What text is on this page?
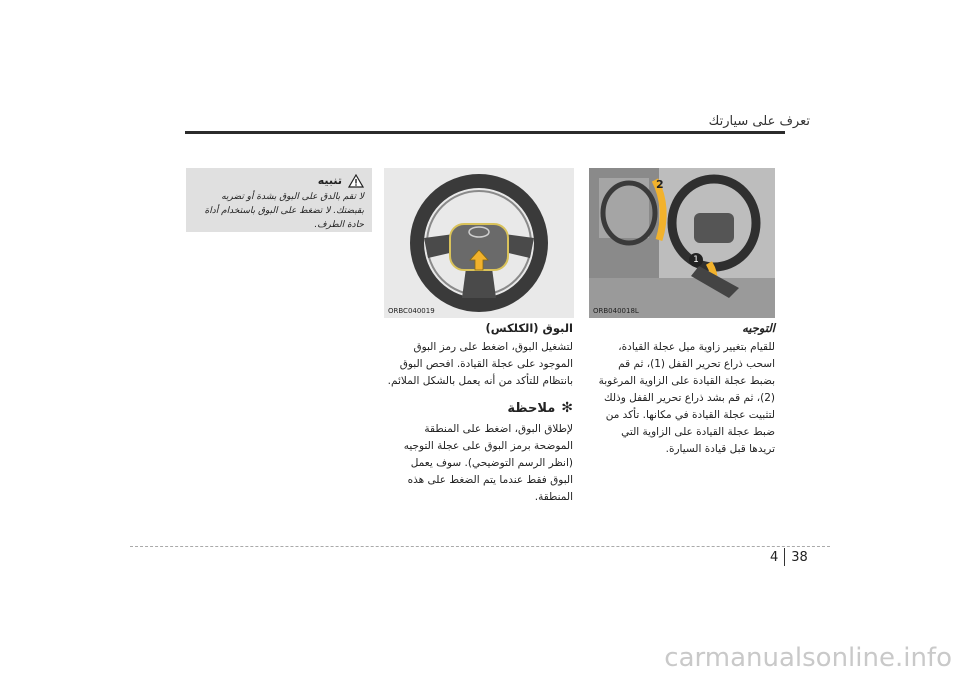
تعرف على سيارتك
تنبيه
لا تقم بالدق على البوق بشدة أو تضربه بقبضتك. لا تضغط على البوق باستخدام أداة حادة الطرف.
ORBC040019
2
1
ORB040018L
التوجيه

للقيام بتغيير زاوية ميل عجلة القيادة، اسحب ذراع تحرير القفل (1)، ثم قم بضبط عجلة القيادة على الزاوية المرغوبة (2)، ثم قم بشد ذراع تحرير القفل وذلك لتثبيت عجلة القيادة في مكانها. تأكد من ضبط عجلة القيادة على الزاوية التي تريدها قبل قيادة السيارة.

البوق (الكلكس)

لتشغيل البوق، اضغط على رمز البوق الموجود على عجلة القيادة. افحص البوق بانتظام للتأكد من أنه يعمل بالشكل الملائم.

✻
ملاحظة

لإطلاق البوق، اضغط على المنطقة الموضحة برمز البوق على عجلة التوجيه (انظر الرسم التوضيحي). سوف يعمل البوق فقط عندما يتم الضغط على هذه المنطقة.

4 38
carmanualsonline.info
